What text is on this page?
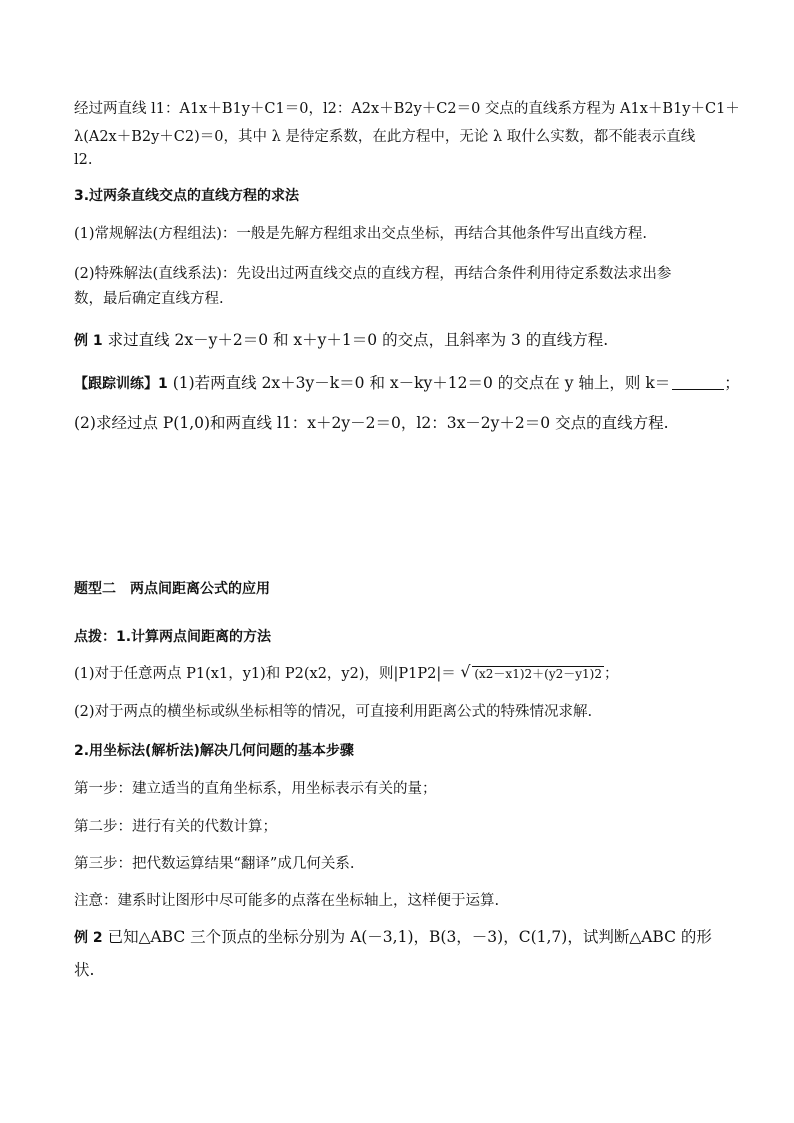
经过两直线 l1：A1x＋B1y＋C1＝0，l2：A2x＋B2y＋C2＝0 交点的直线系方程为 A1x＋B1y＋C1＋
λ(A2x＋B2y＋C2)＝0，其中 λ 是待定系数，在此方程中，无论 λ 取什么实数，都不能表示直线
l2.
3.过两条直线交点的直线方程的求法
(1)常规解法(方程组法)：一般是先解方程组求出交点坐标，再结合其他条件写出直线方程.
(2)特殊解法(直线系法)：先设出过两直线交点的直线方程，再结合条件利用待定系数法求出参
数，最后确定直线方程.
例 1 求过直线 2x－y＋2＝0 和 x＋y＋1＝0 的交点，且斜率为 3 的直线方程.
【跟踪训练】1 (1)若两直线 2x＋3y－k＝0 和 x－ky＋12＝0 的交点在 y 轴上，则 k＝	；
(2)求经过点 P(1,0)和两直线 l1：x＋2y－2＝0，l2：3x－2y＋2＝0 交点的直线方程.
题型二　两点间距离公式的应用
点拨：1.计算两点间距离的方法
(1)对于任意两点 P1(x1，y1)和 P2(x2，y2)，则|P1P2|＝ √ (x2－x1)2＋(y2－y1)2 ；
(2)对于两点的横坐标或纵坐标相等的情况，可直接利用距离公式的特殊情况求解.
2.用坐标法(解析法)解决几何问题的基本步骤
第一步：建立适当的直角坐标系，用坐标表示有关的量；
第二步：进行有关的代数计算；
第三步：把代数运算结果“翻译”成几何关系.
注意：建系时让图形中尽可能多的点落在坐标轴上，这样便于运算.
例 2 已知△ABC 三个顶点的坐标分别为 A(－3,1)，B(3，－3)，C(1,7)，试判断△ABC 的形
状.
